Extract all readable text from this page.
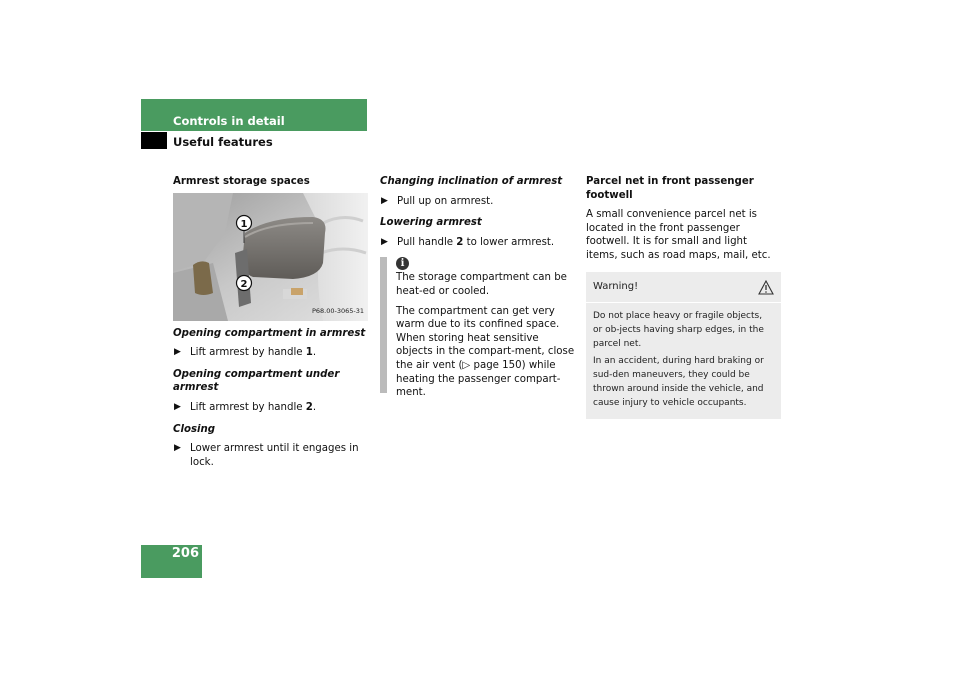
Controls in detail
Useful features

Armrest storage spaces

1
2
P68.00-3065-31

Opening compartment in armrest

▶ Lift armrest by handle 1.

Opening compartment under armrest

▶ Lift armrest by handle 2.

Closing

▶ Lower armrest until it engages in lock.

Changing inclination of armrest

▶ Pull up on armrest.

Lowering armrest

▶ Pull handle 2 to lower armrest.

i

The storage compartment can be heat-ed or cooled.

The compartment can get very warm due to its confined space. When storing heat sensitive objects in the compart-ment, close the air vent (▷ page 150) while heating the passenger compart-ment.

Parcel net in front passenger footwell

A small convenience parcel net is located in the front passenger footwell. It is for small and light items, such as road maps, mail, etc.

Warning!

Do not place heavy or fragile objects, or ob-jects having sharp edges, in the parcel net.

In an accident, during hard braking or sud-den maneuvers, they could be thrown around inside the vehicle, and cause injury to vehicle occupants.

206
